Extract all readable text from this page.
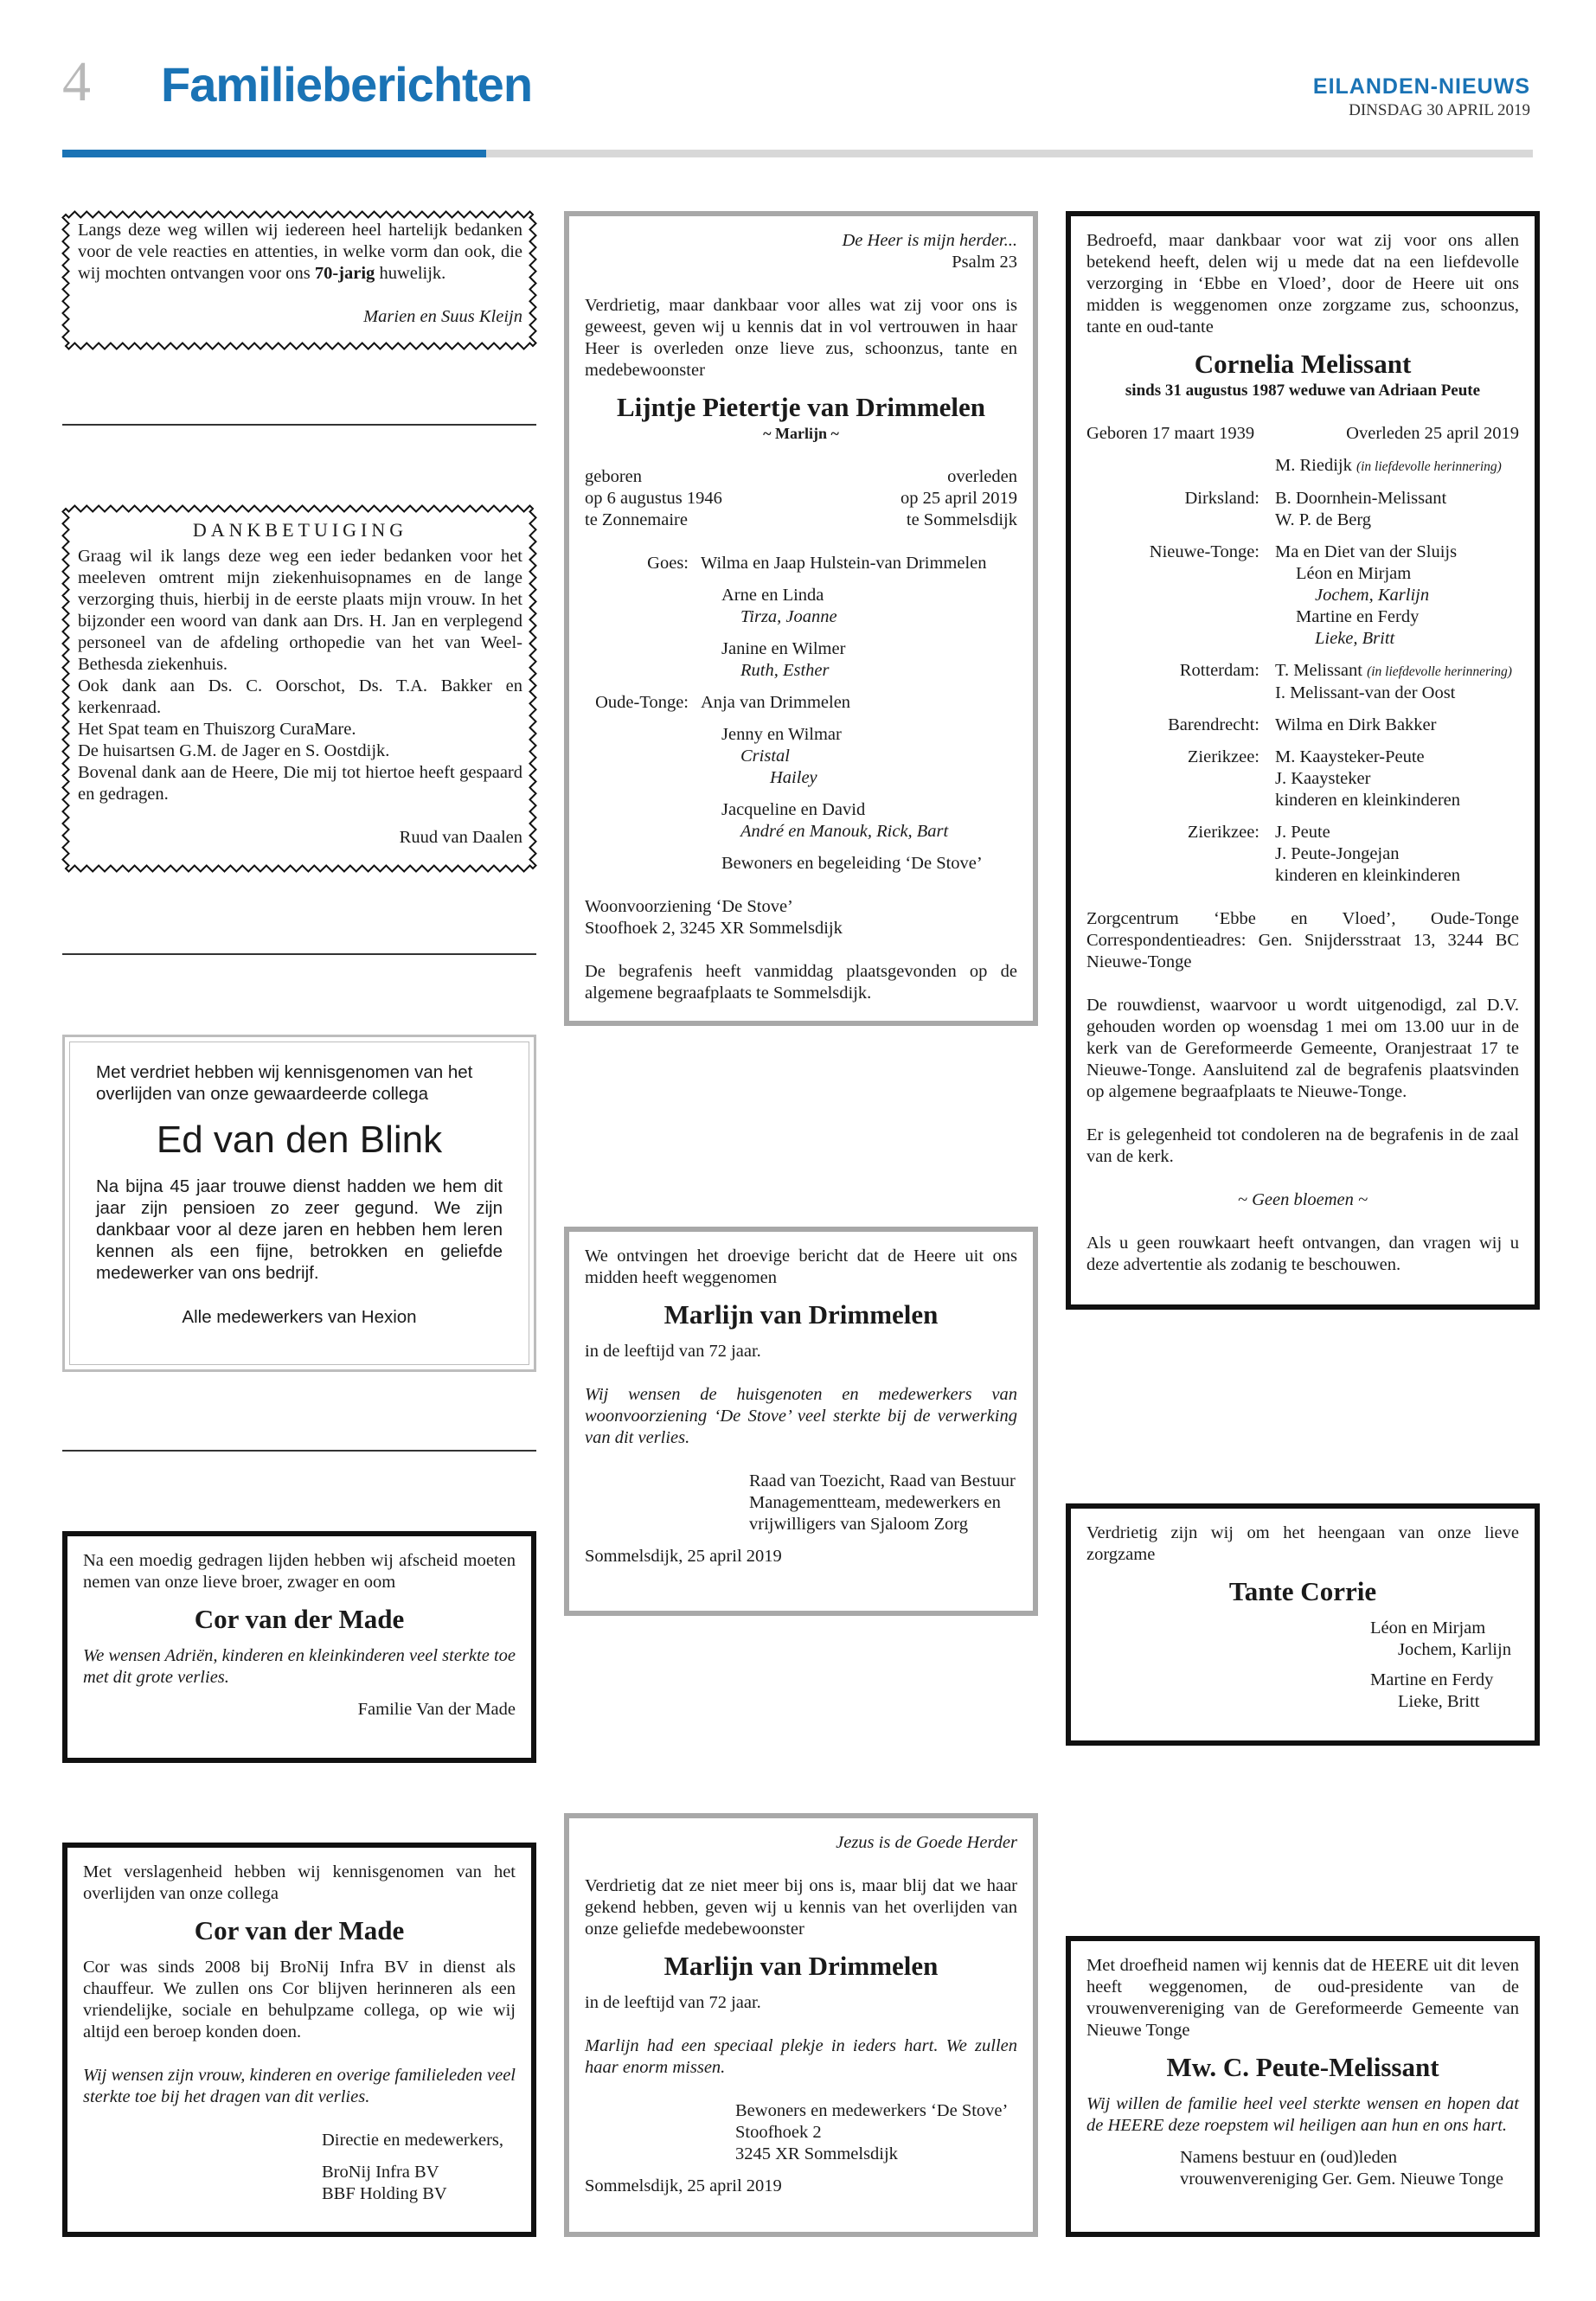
4 Familieberichten	EILANDEN-NIEUWS
DINSDAG 30 APRIL 2019

Langs deze weg willen wij iedereen heel hartelijk bedanken voor de vele reacties en attenties, in welke vorm dan ook, die wij mochten ontvangen voor ons 70-jarig huwelijk.

Marien en Suus Kleijn

DANKBETUIGING

Graag wil ik langs deze weg een ieder bedanken voor het meeleven omtrent mijn ziekenhuisopnames en de lange verzorging thuis, hierbij in de eerste plaats mijn vrouw. In het bijzonder een woord van dank aan Drs. H. Jan en verplegend personeel van de afdeling orthopedie van het van Weel-Bethesda ziekenhuis.

Ook dank aan Ds. C. Oorschot, Ds. T.A. Bakker en kerkenraad.

Het Spat team en Thuiszorg CuraMare.

De huisartsen G.M. de Jager en S. Oostdijk.

Bovenal dank aan de Heere, Die mij tot hiertoe heeft gespaard en gedragen.

Ruud van Daalen

Met verdriet hebben wij kennisgenomen van het overlijden van onze gewaardeerde collega

Ed van den Blink

Na bijna 45 jaar trouwe dienst hadden we hem dit jaar zijn pensioen zo zeer gegund. We zijn dankbaar voor al deze jaren en hebben hem leren kennen als een fijne, betrokken en geliefde medewerker van ons bedrijf.

Alle medewerkers van Hexion

Na een moedig gedragen lijden hebben wij afscheid moeten nemen van onze lieve broer, zwager en oom

Cor van der Made

We wensen Adriën, kinderen en kleinkinderen veel sterkte toe met dit grote verlies.

Familie Van der Made

Met verslagenheid hebben wij kennisgenomen van het overlijden van onze collega

Cor van der Made

Cor was sinds 2008 bij BroNij Infra BV in dienst als chauffeur. We zullen ons Cor blijven herinneren als een vriendelijke, sociale en behulpzame collega, op wie wij altijd een beroep konden doen.

Wij wensen zijn vrouw, kinderen en overige familieleden veel sterkte toe bij het dragen van dit verlies.

Directie en medewerkers,

BroNij Infra BV

BBF Holding BV

De Heer is mijn herder...

Psalm 23

Verdrietig, maar dankbaar voor alles wat zij voor ons is geweest, geven wij u kennis dat in vol vertrouwen in haar Heer is overleden onze lieve zus, schoonzus, tante en medebewoonster

Lijntje Pietertje van Drimmelen

~ Marlijn ~

geboren

op 6 augustus 1946

te Zonnemaire

overleden

op 25 april 2019

te Sommelsdijk

Goes: Wilma en Jaap Hulstein-van Drimmelen

Arne en Linda

Tirza, Joanne

Janine en Wilmer

Ruth, Esther

Oude-Tonge: Anja van Drimmelen

Jenny en Wilmar

Cristal

Hailey

Jacqueline en David

André en Manouk, Rick, Bart

Bewoners en begeleiding ‘De Stove’

Woonvoorziening ‘De Stove’

Stoofhoek 2, 3245 XR Sommelsdijk

De begrafenis heeft vanmiddag plaatsgevonden op de algemene begraafplaats te Sommelsdijk.

We ontvingen het droevige bericht dat de Heere uit ons midden heeft weggenomen

Marlijn van Drimmelen

in de leeftijd van 72 jaar.

Wij wensen de huisgenoten en medewerkers van woonvoorziening ‘De Stove’ veel sterkte bij de verwerking van dit verlies.

Raad van Toezicht, Raad van Bestuur

Managementteam, medewerkers en

vrijwilligers van Sjaloom Zorg

Sommelsdijk, 25 april 2019

Jezus is de Goede Herder

Verdrietig dat ze niet meer bij ons is, maar blij dat we haar gekend hebben, geven wij u kennis van het overlijden van onze geliefde medebewoonster

Marlijn van Drimmelen

in de leeftijd van 72 jaar.

Marlijn had een speciaal plekje in ieders hart. We zullen haar enorm missen.

Bewoners en medewerkers ‘De Stove’

Stoofhoek 2

3245 XR Sommelsdijk

Sommelsdijk, 25 april 2019

Bedroefd, maar dankbaar voor wat zij voor ons allen betekend heeft, delen wij u mede dat na een liefdevolle verzorging in ‘Ebbe en Vloed’, door de Heere uit ons midden is weggenomen onze zorgzame zus, schoonzus, tante en oud-tante

Cornelia Melissant

sinds 31 augustus 1987 weduwe van Adriaan Peute

Geboren 17 maart 1939	Overleden 25 april 2019

M. Riedijk (in liefdevolle herinnering)

Dirksland: B. Doornhein-Melissant

W. P. de Berg

Nieuwe-Tonge: Ma en Diet van der Sluijs

Léon en Mirjam

Jochem, Karlijn

Martine en Ferdy

Lieke, Britt

Rotterdam: T. Melissant (in liefdevolle herinnering)

I. Melissant-van der Oost

Barendrecht: Wilma en Dirk Bakker

Zierikzee: M. Kaaysteker-Peute

J. Kaaysteker

kinderen en kleinkinderen

Zierikzee: J. Peute

J. Peute-Jongejan

kinderen en kleinkinderen

Zorgcentrum ‘Ebbe en Vloed’, Oude-Tonge Correspondentieadres: Gen. Snijdersstraat 13, 3244 BC Nieuwe-Tonge

De rouwdienst, waarvoor u wordt uitgenodigd, zal D.V. gehouden worden op woensdag 1 mei om 13.00 uur in de kerk van de Gereformeerde Gemeente, Oranjestraat 17 te Nieuwe-Tonge. Aansluitend zal de begrafenis plaatsvinden op algemene begraafplaats te Nieuwe-Tonge.

Er is gelegenheid tot condoleren na de begrafenis in de zaal van de kerk.

~ Geen bloemen ~

Als u geen rouwkaart heeft ontvangen, dan vragen wij u deze advertentie als zodanig te beschouwen.

Verdrietig zijn wij om het heengaan van onze lieve zorgzame

Tante Corrie

Léon en Mirjam

Jochem, Karlijn

Martine en Ferdy

Lieke, Britt

Met droefheid namen wij kennis dat de HEERE uit dit leven heeft weggenomen, de oud-presidente van de vrouwenvereniging van de Gereformeerde Gemeente van Nieuwe Tonge

Mw. C. Peute-Melissant

Wij willen de familie heel veel sterkte wensen en hopen dat de HEERE deze roepstem wil heiligen aan hun en ons hart.

Namens bestuur en (oud)leden

vrouwenvereniging Ger. Gem. Nieuwe Tonge
